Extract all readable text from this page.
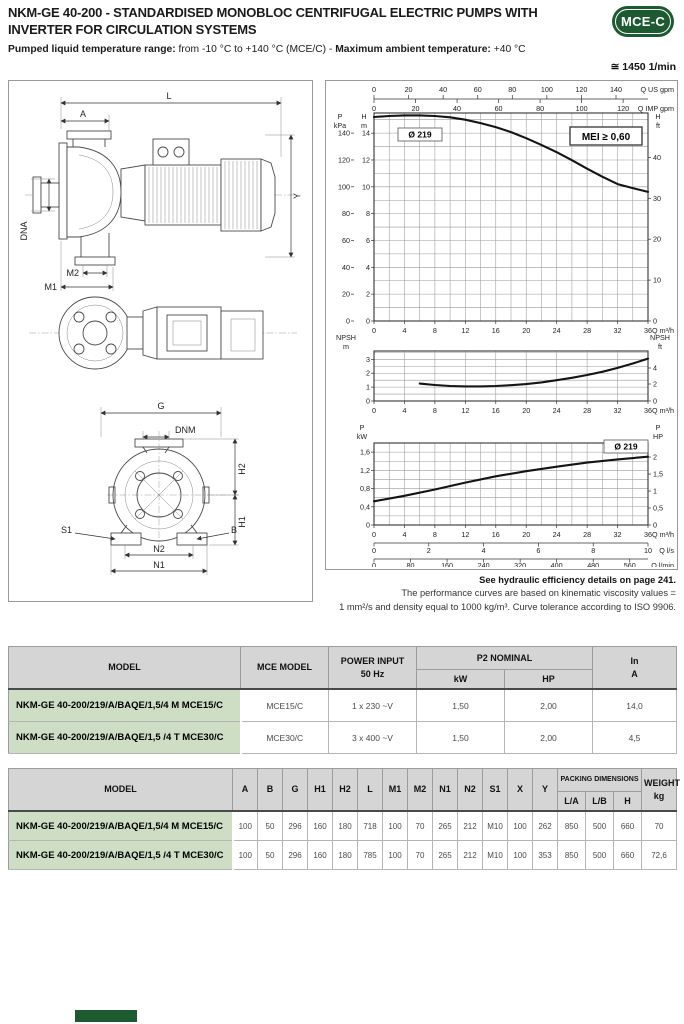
NKM-GE 40-200 - STANDARDISED MONOBLOC CENTRIFUGAL ELECTRIC PUMPS WITH INVERTER FOR CIRCULATION SYSTEMS
MCE-C
Pumped liquid temperature range: from -10 °C to +140 °C (MCE/C) - Maximum ambient temperature: +40 °C
≅ 1450 1/min
L
A
DNA
M2
M1
Y
G
DNM
H2
H1
S1	B
N2
N1
0	4	8	12	16	20	24	28	32	36 Q m³/h
P
kPa
0
20
40
60
80
100
120
140
H
m
0
2
4
6
8
10
12
14
H
ft
0
10
20
30
40
0	20	40	60	80	100	120	140	Q US gpm
0	20	40	60	80	100	120 Q IMP gpm
Ø 219	MEI ≥ 0,60
0	4	8	12	16	20	24	28	32	36 Q m³/h
NPSH
m
0
1
2
3
NPSH
ft
0
2
4
0	4	8	12	16	20	24	28	32	36 Q m³/h
P
kW
0
0,4
0,8
1,2
1,6
P
HP
0
0,5
1
1,5
2
0	2	4	6	8	10 Q l/s
0	80	160	240	320	400	480	560 Q l/min
Ø 219
See hydraulic efficiency details on page 241.
The performance curves are based on kinematic viscosity values =
1 mm²/s and density equal to 1000 kg/m³. Curve tolerance according to ISO 9906.
MODEL	MCE MODEL	POWER INPUT
50 Hz	P2 NOMINAL		In
A
			kW	HP	
NKM-GE 40-200/219/A/BAQE/1,5/4 M MCE15/C	MCE15/C	1 x 230 ~V	1,50	2,00	14,0
NKM-GE 40-200/219/A/BAQE/1,5 /4 T MCE30/C	MCE30/C	3 x 400 ~V	1,50	2,00	4,5
MODEL	A	B	G	H1	H2	L	M1	M2	N1	N2	S1	X	Y	PACKING DIMENSIONS			WEIGHT
kg
														L/A	L/B	H	
NKM-GE 40-200/219/A/BAQE/1,5/4 M MCE15/C	100	50	296	160	180	718	100	70	265	212	M10	100	262	850	500	660	70
NKM-GE 40-200/219/A/BAQE/1,5 /4 T MCE30/C	100	50	296	160	180	785	100	70	265	212	M10	100	353	850	500	660	72,6
